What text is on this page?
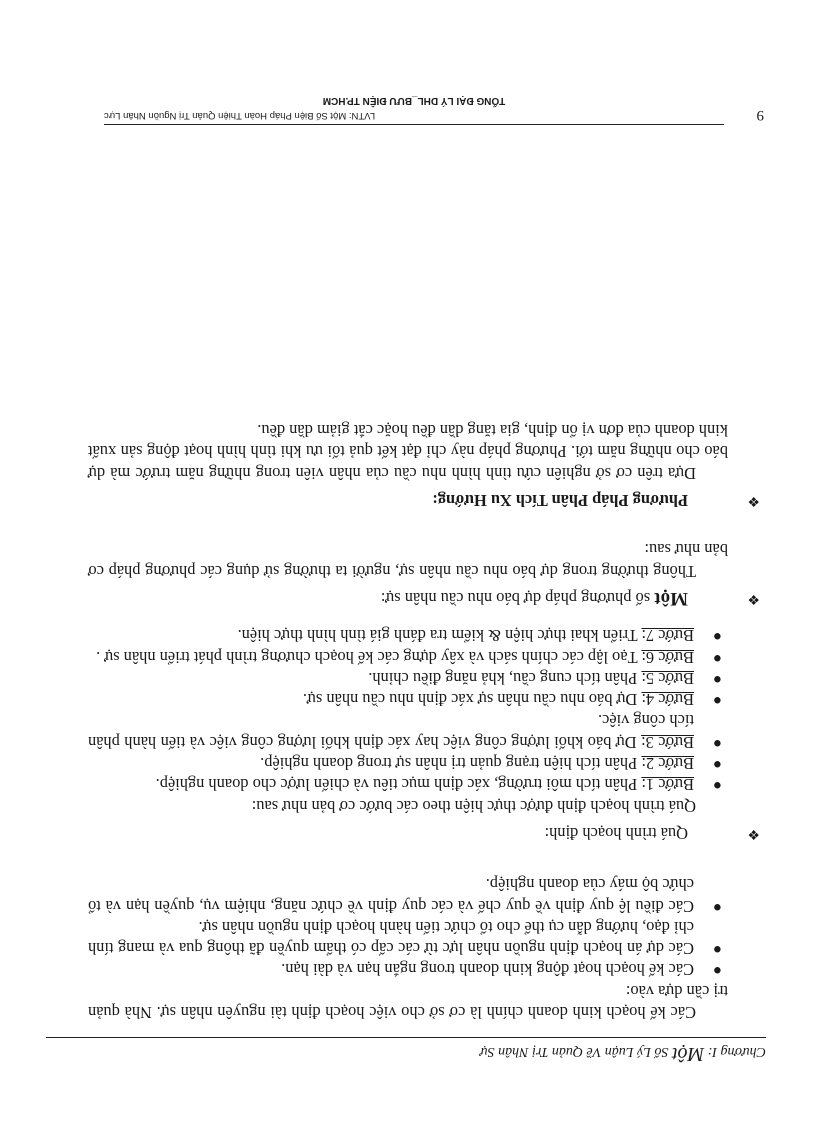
Chương I: Một Số Lý Luận Về Quản Trị Nhân Sự

Các kế hoạch kinh doanh chính là cơ sở cho việc hoạch định tài nguyên nhân sự. Nhà quản trị cần dựa vào:

●
Các kế hoạch hoạt động kinh doanh trong ngắn hạn và dài hạn.
●
Các dự án hoạch định nguồn nhân lực từ các cấp có thẩm quyền đã thông qua và mang tính chỉ đạo, hướng dẫn cụ thể cho tổ chức tiến hành hoạch định nguồn nhân sự.
●
Các điều lệ quy định về quy chế và các quy định về chức năng, nhiệm vụ, quyền hạn và tổ chức bộ máy của doanh nghiệp.
❖
Quá trình hoạch định:

Quá trình hoạch định được thực hiện theo các bước cơ bản như sau:

●
Bước 1: Phân tích môi trường, xác định mục tiêu và chiến lược cho doanh nghiệp.
●
Bước 2: Phân tích hiện trạng quản trị nhân sự trong doanh nghiệp.
●
Bước 3: Dự báo khối lượng công việc hay xác định khối lượng công việc và tiến hành phân tích công việc.
●
Bước 4: Dự báo nhu cầu nhân sự xác định nhu cầu nhân sự.
●
Bước 5: Phân tích cung cầu, khả năng điều chỉnh.
●
Bước 6: Tạo lập các chính sách và xây dựng các kế hoạch chương trình phát triển nhân sự .
●
Bước 7: Triển khai thực hiện & kiểm tra đánh giá tình hình thực hiện.
❖
Một số phương pháp dự báo nhu cầu nhân sự:

Thông thường trong dự báo nhu cầu nhân sự, người ta thường sử dụng các phương pháp cơ bản như sau:

❖
Phương Pháp Phân Tích Xu Hướng:

Dựa trên cơ sở nghiên cứu tình hình nhu cầu của nhân viên trong những năm trước mà dự báo cho những năm tới. Phương pháp này chỉ đạt kết quả tối ưu khi tình hình hoạt động sản xuất kinh doanh của đơn vị ổn định, gia tăng dần đều hoặc cắt giảm dần đều.

9
LVTN: Một Số Biện Pháp Hoàn Thiện Quản Trị Nguồn Nhân Lực
TỔNG ĐẠI LÝ DHL_BƯU ĐIỆN TP.HCM
